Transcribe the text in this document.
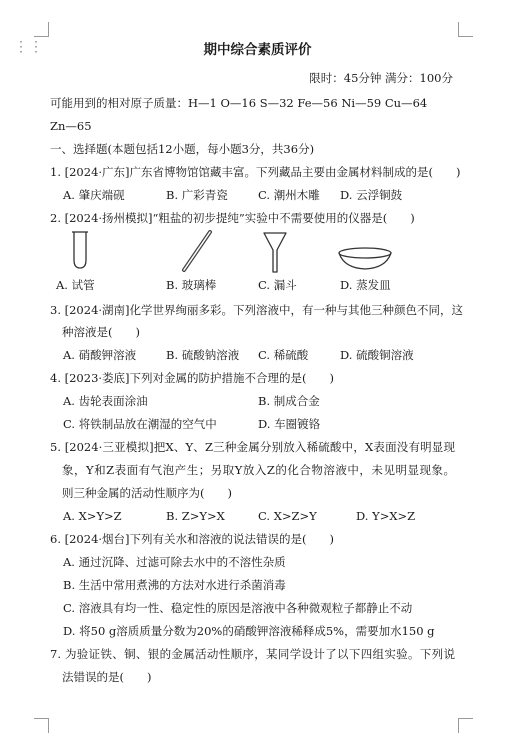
⋮⋮	期中综合素质评价
限时：45分钟 满分：100分
可能用到的相对原子质量：H—1 O—16 S—32 Fe—56 Ni—59 Cu—64
Zn—65
一、选择题(本题包括12小题，每小题3分，共36分)
1. [2024·广东]广东省博物馆馆藏丰富。下列藏品主要由金属材料制成的是(　　)
A. 肇庆端砚	B. 广彩青瓷	C. 潮州木雕 D. 云浮铜鼓
2. [2024·扬州模拟]“粗盐的初步提纯”实验中不需要使用的仪器是(　　)
A. 试管	B. 玻璃棒	C. 漏斗	D. 蒸发皿
3. [2024·湖南]化学世界绚丽多彩。下列溶液中，有一种与其他三种颜色不同，这
种溶液是(　　)
A. 硝酸钾溶液	B. 硫酸钠溶液 C. 稀硫酸	D. 硫酸铜溶液
4. [2023·娄底]下列对金属的防护措施不合理的是(　　)
A. 齿轮表面涂油	B. 制成合金
C. 将铁制品放在潮湿的空气中	D. 车圈镀铬
5. [2024·三亚模拟]把X、Y、Z三种金属分别放入稀硫酸中，X表面没有明显现
象，Y和Z表面有气泡产生；另取Y放入Z的化合物溶液中，未见明显现象。
则三种金属的活动性顺序为(　　)
A. X>Y>Z	B. Z>Y>X	C. X>Z>Y	D. Y>X>Z
6. [2024·烟台]下列有关水和溶液的说法错误的是(　　)
A. 通过沉降、过滤可除去水中的不溶性杂质
B. 生活中常用煮沸的方法对水进行杀菌消毒
C. 溶液具有均一性、稳定性的原因是溶液中各种微观粒子都静止不动
D. 将50 g溶质质量分数为20%的硝酸钾溶液稀释成5%，需要加水150 g
7. 为验证铁、铜、银的金属活动性顺序，某同学设计了以下四组实验。下列说
法错误的是(　　)
